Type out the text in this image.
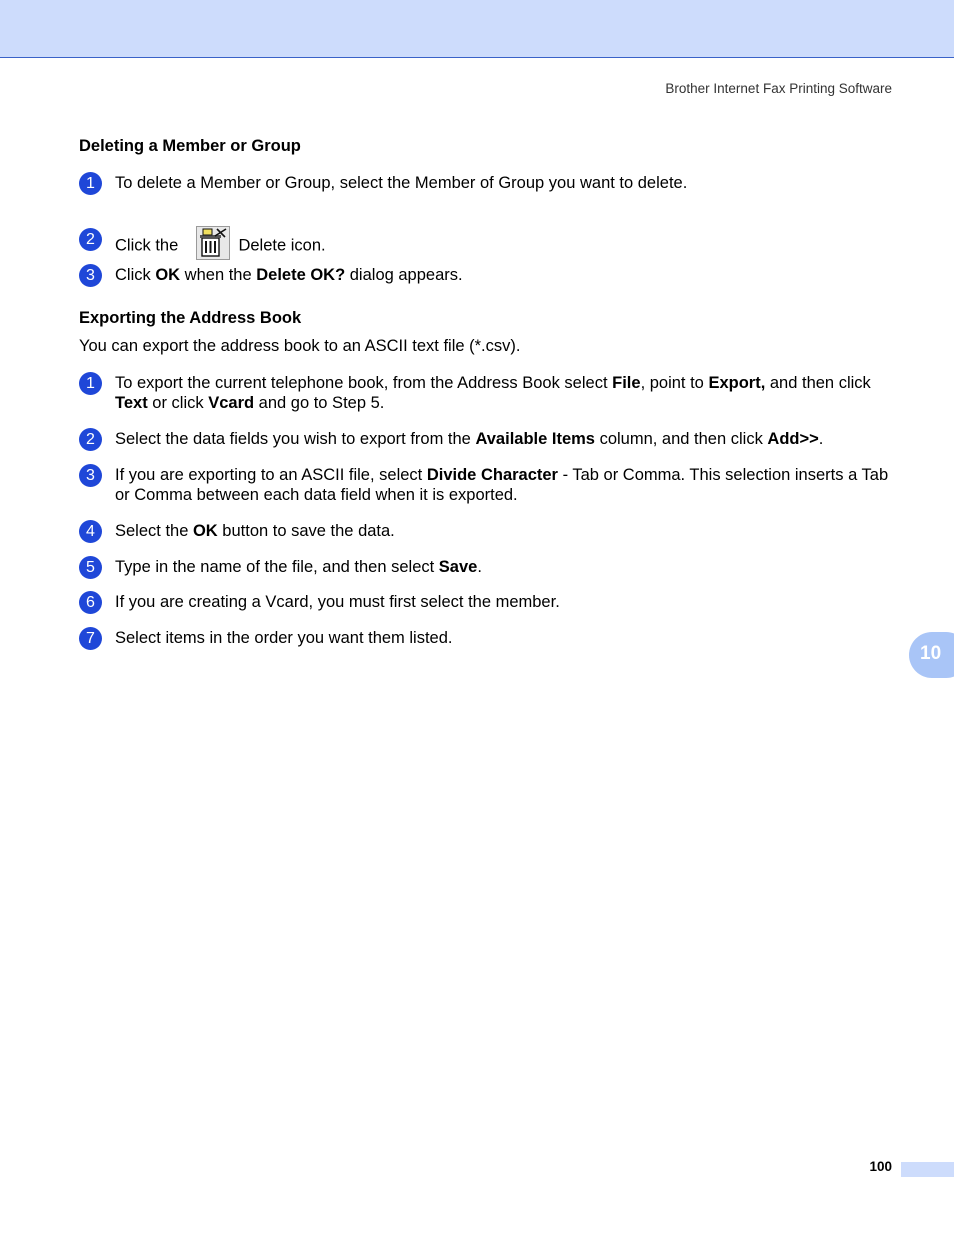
Brother Internet Fax Printing Software
Deleting a Member or Group
1	To delete a Member or Group, select the Member of Group you want to delete.
2	Click the	Delete icon.
3	Click OK when the Delete OK? dialog appears.
Exporting the Address Book
You can export the address book to an ASCII text file (*.csv).
1	To export the current telephone book, from the Address Book select File, point to Export, and then click Text or click Vcard and go to Step 5.
2	Select the data fields you wish to export from the Available Items column, and then click Add>>.
3	If you are exporting to an ASCII file, select Divide Character - Tab or Comma. This selection inserts a Tab or Comma between each data field when it is exported.
4	Select the OK button to save the data.
5	Type in the name of the file, and then select Save.
6	If you are creating a Vcard, you must first select the member.
7	Select items in the order you want them listed.
10
100
